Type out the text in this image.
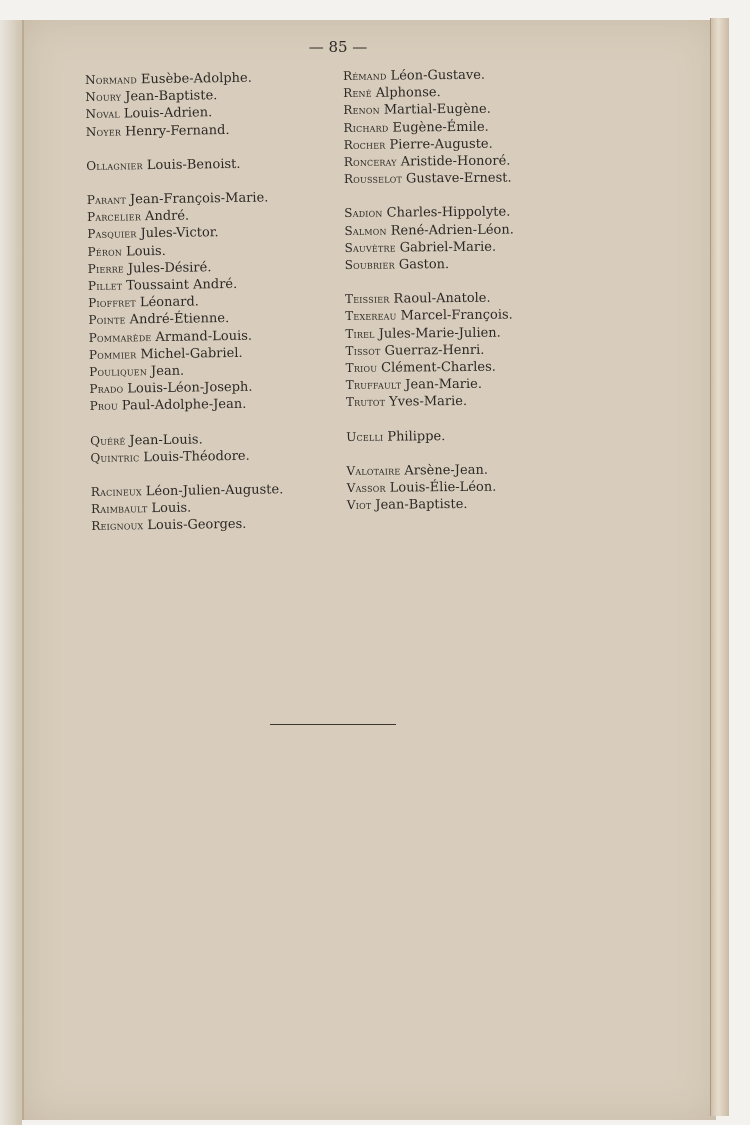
— 85 —
Normand Eusèbe-Adolphe.
Noury Jean-Baptiste.
Noval Louis-Adrien.
Noyer Henry-Fernand.
Ollagnier Louis-Benoist.
Parant Jean-François-Marie.
Parcelier André.
Pasquier Jules-Victor.
Péron Louis.
Pierre Jules-Désiré.
Pillet Toussaint André.
Pioffret Léonard.
Pointe André-Étienne.
Pommarède Armand-Louis.
Pommier Michel-Gabriel.
Pouliquen Jean.
Prado Louis-Léon-Joseph.
Prou Paul-Adolphe-Jean.
Quéré Jean-Louis.
Quintric Louis-Théodore.
Racineux Léon-Julien-Auguste.
Raimbault Louis.
Reignoux Louis-Georges.
Rémand Léon-Gustave.
René Alphonse.
Renon Martial-Eugène.
Richard Eugène-Émile.
Rocher Pierre-Auguste.
Ronceray Aristide-Honoré.
Rousselot Gustave-Ernest.
Sadion Charles-Hippolyte.
Salmon René-Adrien-Léon.
Sauvètre Gabriel-Marie.
Soubrier Gaston.
Teissier Raoul-Anatole.
Texereau Marcel-François.
Tirel Jules-Marie-Julien.
Tissot Guerraz-Henri.
Triou Clément-Charles.
Truffault Jean-Marie.
Trutot Yves-Marie.
Ucelli Philippe.
Valotaire Arsène-Jean.
Vassor Louis-Élie-Léon.
Viot Jean-Baptiste.
